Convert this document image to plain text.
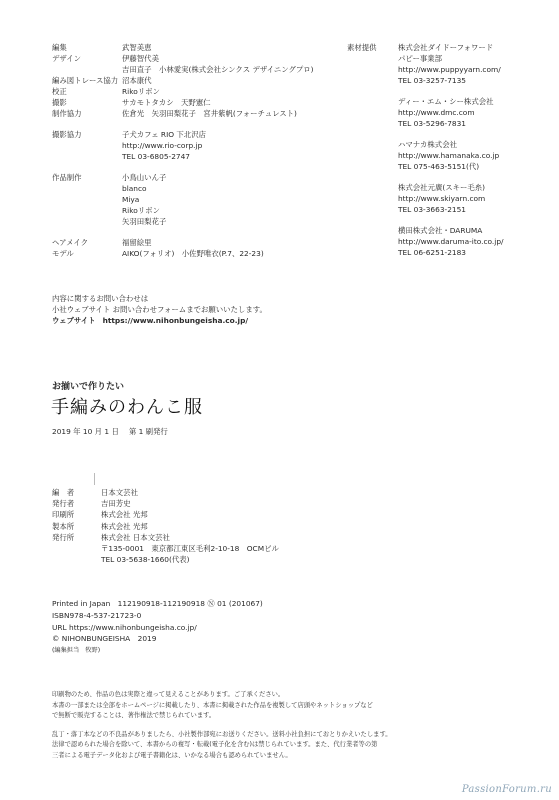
編集	武智美恵
デザイン	伊藤智代美
吉田直子　小林愛実(株式会社シンクス デザイニングプロ)
編み図トレース協力 沼本康代
校正	Rikoリボン
撮影	サカモトタカシ　天野憲仁
制作協力	佐倉光　矢羽田梨花子　宮井紫帆(フォーチュレスト)
撮影協力	子犬カフェ RIO 下北沢店
http://www.rio-corp.jp
TEL 03-6805-2747
作品制作	小鳥山いん子
blanco
Miya
Rikoリボン
矢羽田梨花子
ヘアメイク	福留絵里
モデル	AIKO(フォリオ)　小佐野唯衣(P.7、22-23)
素材提供	株式会社ダイドーフォワード
パピー事業部
http://www.puppyyarn.com/
TEL 03-3257-7135
ディー・エム・シー株式会社
http://www.dmc.com
TEL 03-5296-7831
ハマナカ株式会社
http://www.hamanaka.co.jp
TEL 075-463-5151(代)
株式会社元廣(スキー毛糸)
http://www.skiyarn.com
TEL 03-3663-2151
横田株式会社・DARUMA
http://www.daruma-ito.co.jp/
TEL 06-6251-2183
内容に関するお問い合わせは
小社ウェブサイト お問い合わせフォームまでお願いいたします。
ウェブサイト https://www.nihonbungeisha.co.jp/
お揃いで作りたい
手編みのわんこ服
2019 年 10 月 1 日 第 1 刷発行
編　者	日本文芸社
発行者	吉田芳史
印刷所	株式会社 光邦
製本所	株式会社 光邦
発行所	株式会社 日本文芸社
〒135-0001　東京都江東区毛利2-10-18　OCMビル
TEL 03-5638-1660(代表)
Printed in Japan　112190918-112190918 Ⓝ 01 (201067)
ISBN978-4-537-21723-0
URL https://www.nihonbungeisha.co.jp/
© NIHONBUNGEISHA　2019
(編集担当　牧野)

印刷物のため、作品の色は実際と違って見えることがあります。ご了承ください。

本書の一部または全部をホームページに掲載したり、本書に掲載された作品を複製して店頭やネットショップなど

で無断で販売することは、著作権法で禁じられています。

乱丁・落丁本などの不良品がありましたら、小社製作部宛にお送りください。送料小社負担にておとりかえいたします。

法律で認められた場合を除いて、本書からの複写・転載(電子化を含む)は禁じられています。また、代行業者等の第

三者による電子データ化および電子書籍化は、いかなる場合も認められていません。

PassionForum.ru
